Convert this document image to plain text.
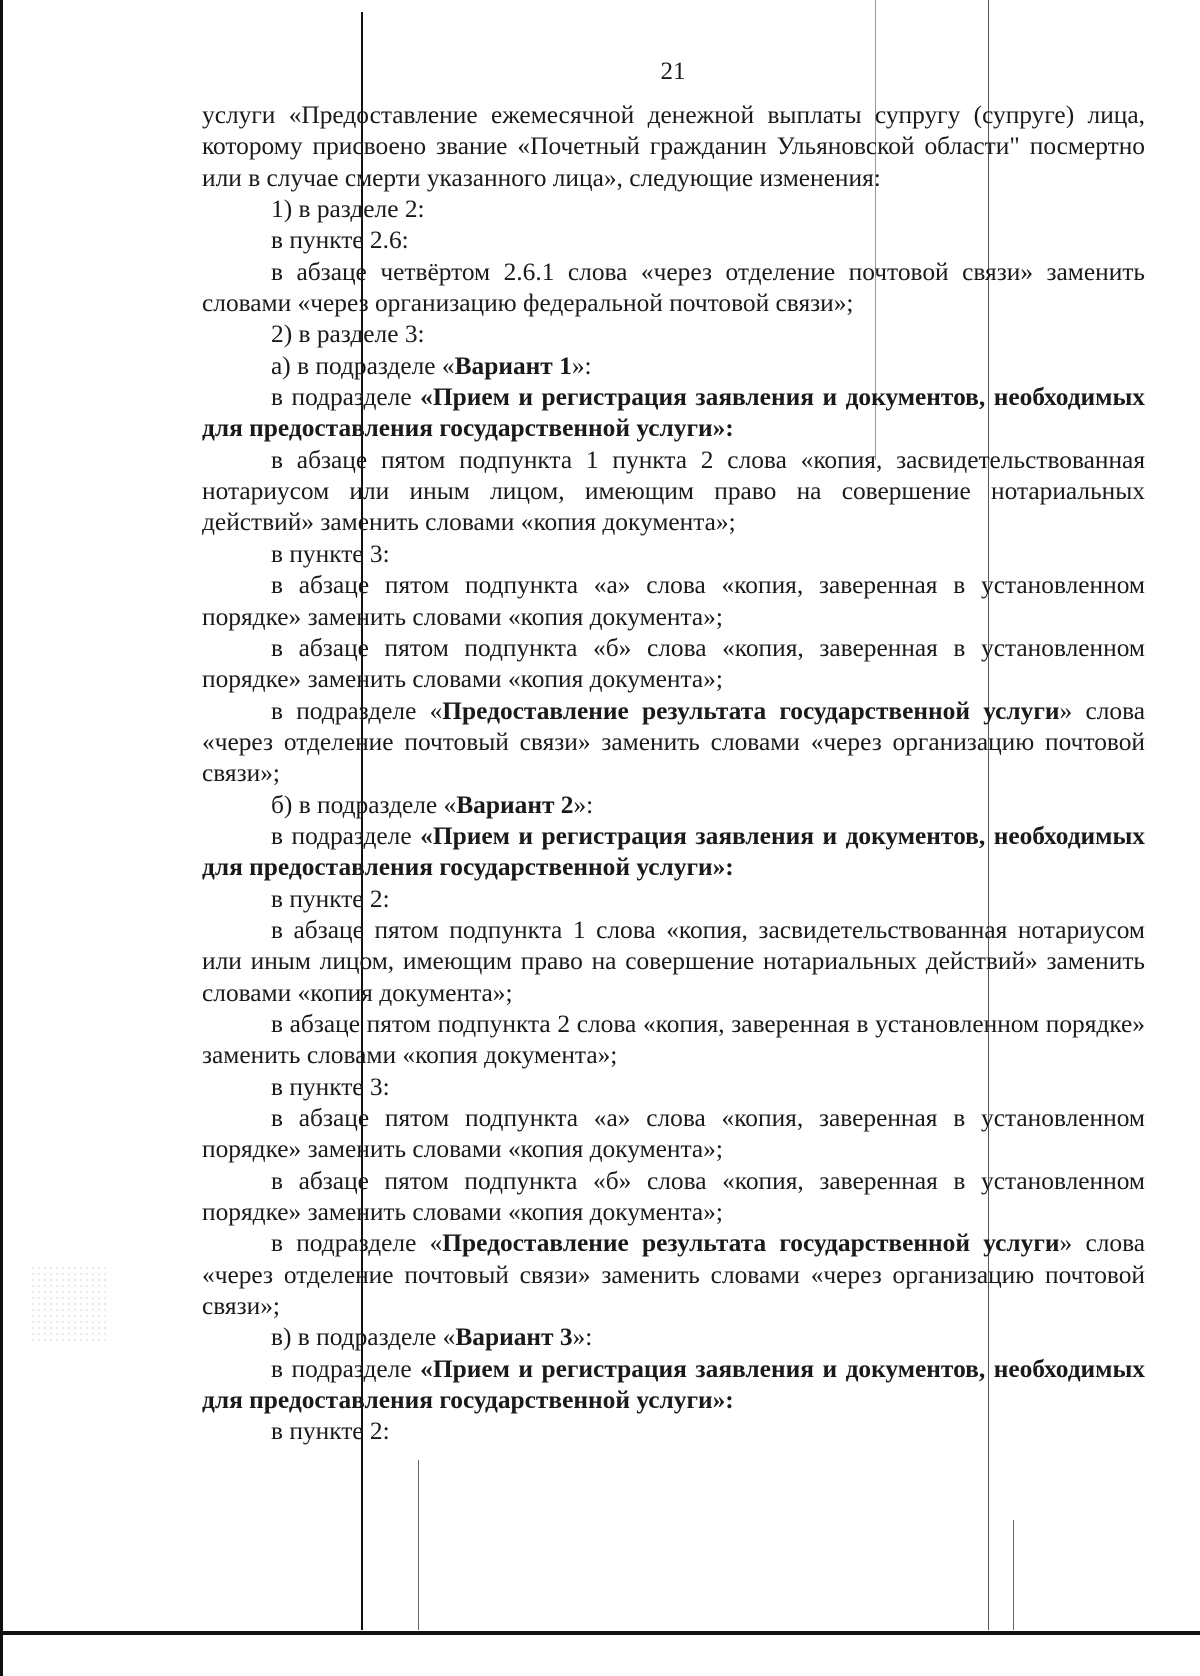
21

услуги «Предоставление ежемесячной денежной выплаты супругу (супруге) лица, которому присвоено звание «Почетный гражданин Ульяновской области" посмертно или в случае смерти указанного лица», следующие изменения:

1) в разделе 2:

в пункте 2.6:

в абзаце четвёртом 2.6.1 слова «через отделение почтовой связи» заменить словами «через организацию федеральной почтовой связи»;

2) в разделе 3:

а) в подразделе «Вариант 1»:

в подразделе «Прием и регистрация заявления и документов, необходимых для предоставления государственной услуги»:

в абзаце пятом подпункта 1 пункта 2 слова «копия, засвидетельствованная нотариусом или иным лицом, имеющим право на совершение нотариальных действий» заменить словами «копия документа»;

в пункте 3:

в абзаце пятом подпункта «а» слова «копия, заверенная в установленном порядке» заменить словами «копия документа»;

в абзаце пятом подпункта «б» слова «копия, заверенная в установленном порядке» заменить словами «копия документа»;

в подразделе «Предоставление результата государственной услуги» слова «через отделение почтовый связи» заменить словами «через организацию почтовой связи»;

б) в подразделе «Вариант 2»:

в подразделе «Прием и регистрация заявления и документов, необходимых для предоставления государственной услуги»:

в пункте 2:

в абзаце пятом подпункта 1 слова «копия, засвидетельствованная нотариусом или иным лицом, имеющим право на совершение нотариальных действий» заменить словами «копия документа»;

в абзаце пятом подпункта 2 слова «копия, заверенная в установленном порядке» заменить словами «копия документа»;

в пункте 3:

в абзаце пятом подпункта «а» слова «копия, заверенная в установленном порядке» заменить словами «копия документа»;

в абзаце пятом подпункта «б» слова «копия, заверенная в установленном порядке» заменить словами «копия документа»;

в подразделе «Предоставление результата государственной услуги» слова «через отделение почтовый связи» заменить словами «через организацию почтовой связи»;

в) в подразделе «Вариант 3»:

в подразделе «Прием и регистрация заявления и документов, необходимых для предоставления государственной услуги»:

в пункте 2:
